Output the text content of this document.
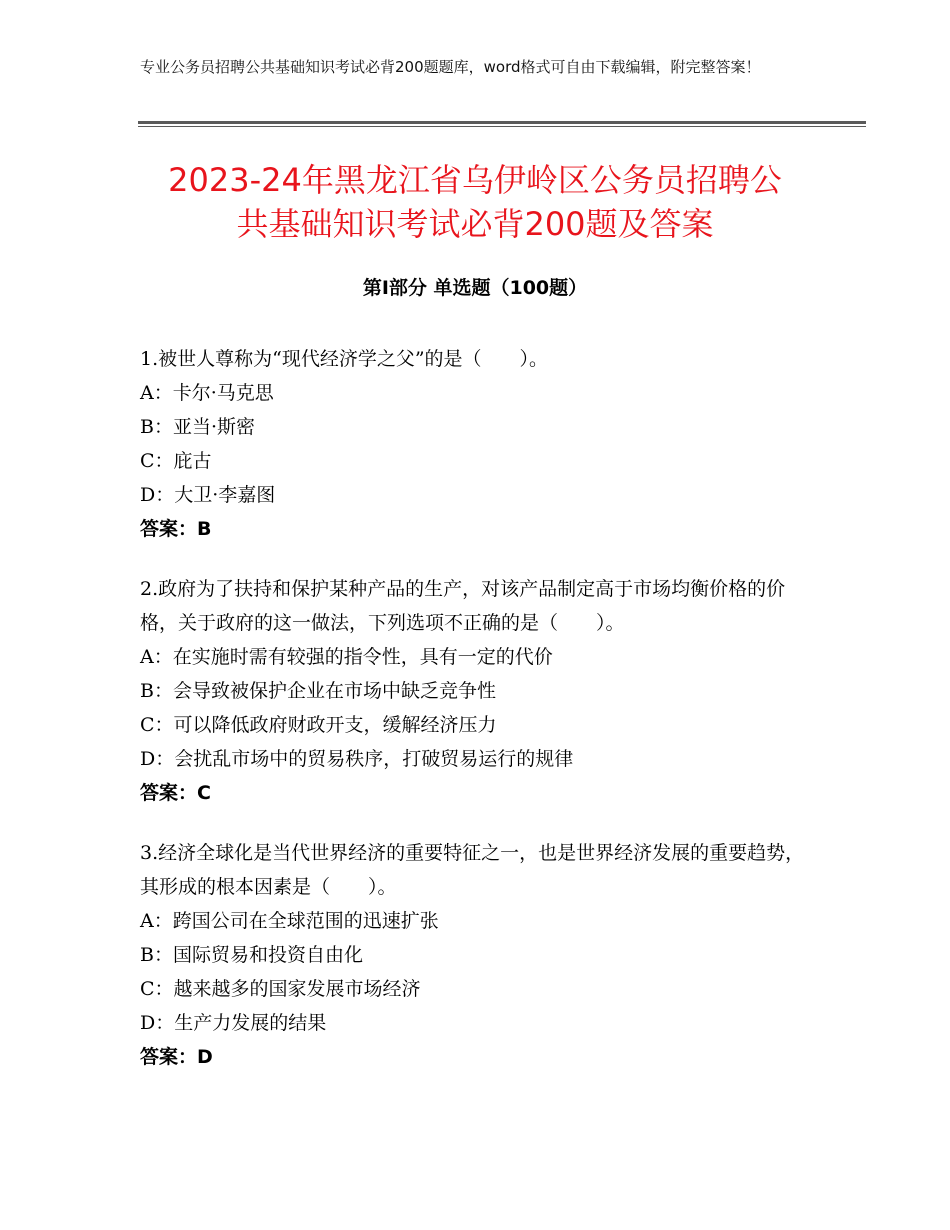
专业公务员招聘公共基础知识考试必背200题题库，word格式可自由下载编辑，附完整答案！
2023-24年黑龙江省乌伊岭区公务员招聘公
共基础知识考试必背200题及答案
第Ⅰ部分 单选题（100题）

1.被世人尊称为“现代经济学之父”的是（　　）。

A：卡尔·马克思

B：亚当·斯密

C：庇古

D：大卫·李嘉图

答案：B

2.政府为了扶持和保护某种产品的生产，对该产品制定高于市场均衡价格的价格，关于政府的这一做法，下列选项不正确的是（　　）。

A：在实施时需有较强的指令性，具有一定的代价

B：会导致被保护企业在市场中缺乏竞争性

C：可以降低政府财政开支，缓解经济压力

D：会扰乱市场中的贸易秩序，打破贸易运行的规律

答案：C

3.经济全球化是当代世界经济的重要特征之一，也是世界经济发展的重要趋势，其形成的根本因素是（　　）。

A：跨国公司在全球范围的迅速扩张

B：国际贸易和投资自由化

C：越来越多的国家发展市场经济

D：生产力发展的结果

答案：D
